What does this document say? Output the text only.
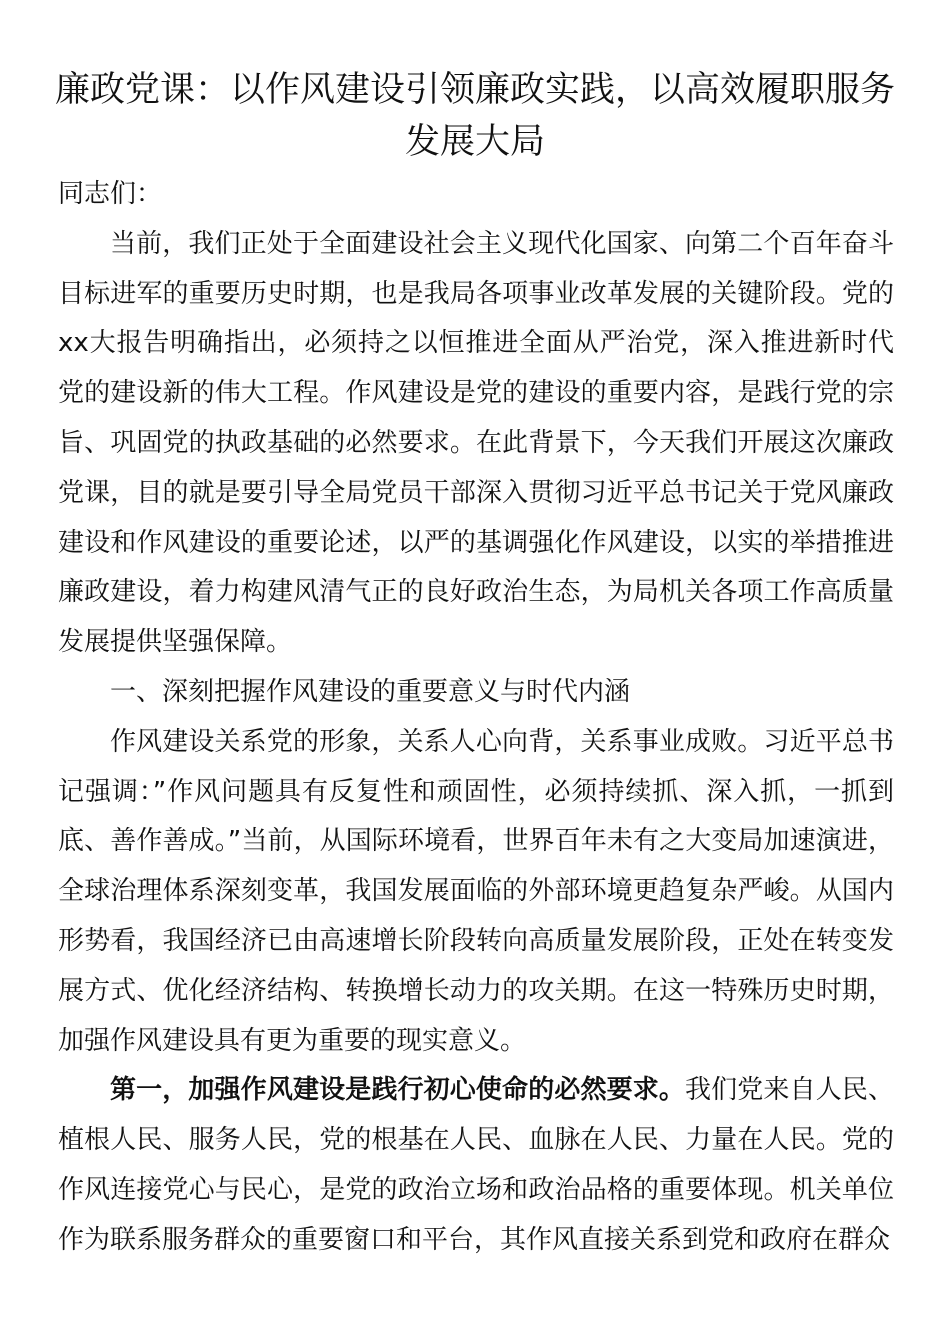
廉政党课：以作风建设引领廉政实践，以高效履职服务发展大局

同志们：

当前，我们正处于全面建设社会主义现代化国家、向第二个百年奋斗目标进军的重要历史时期，也是我局各项事业改革发展的关键阶段。党的xx大报告明确指出，必须持之以恒推进全面从严治党，深入推进新时代党的建设新的伟大工程。作风建设是党的建设的重要内容，是践行党的宗旨、巩固党的执政基础的必然要求。在此背景下，今天我们开展这次廉政党课，目的就是要引导全局党员干部深入贯彻习近平总书记关于党风廉政建设和作风建设的重要论述，以严的基调强化作风建设，以实的举措推进廉政建设，着力构建风清气正的良好政治生态，为局机关各项工作高质量发展提供坚强保障。

一、深刻把握作风建设的重要意义与时代内涵

作风建设关系党的形象，关系人心向背，关系事业成败。习近平总书记强调：”作风问题具有反复性和顽固性，必须持续抓、深入抓，一抓到底、善作善成。”当前，从国际环境看，世界百年未有之大变局加速演进，全球治理体系深刻变革，我国发展面临的外部环境更趋复杂严峻。从国内形势看，我国经济已由高速增长阶段转向高质量发展阶段，正处在转变发展方式、优化经济结构、转换增长动力的攻关期。在这一特殊历史时期，加强作风建设具有更为重要的现实意义。

第一，加强作风建设是践行初心使命的必然要求。我们党来自人民、植根人民、服务人民，党的根基在人民、血脉在人民、力量在人民。党的作风连接党心与民心，是党的政治立场和政治品格的重要体现。机关单位作为联系服务群众的重要窗口和平台，其作风直接关系到党和政府在群众
